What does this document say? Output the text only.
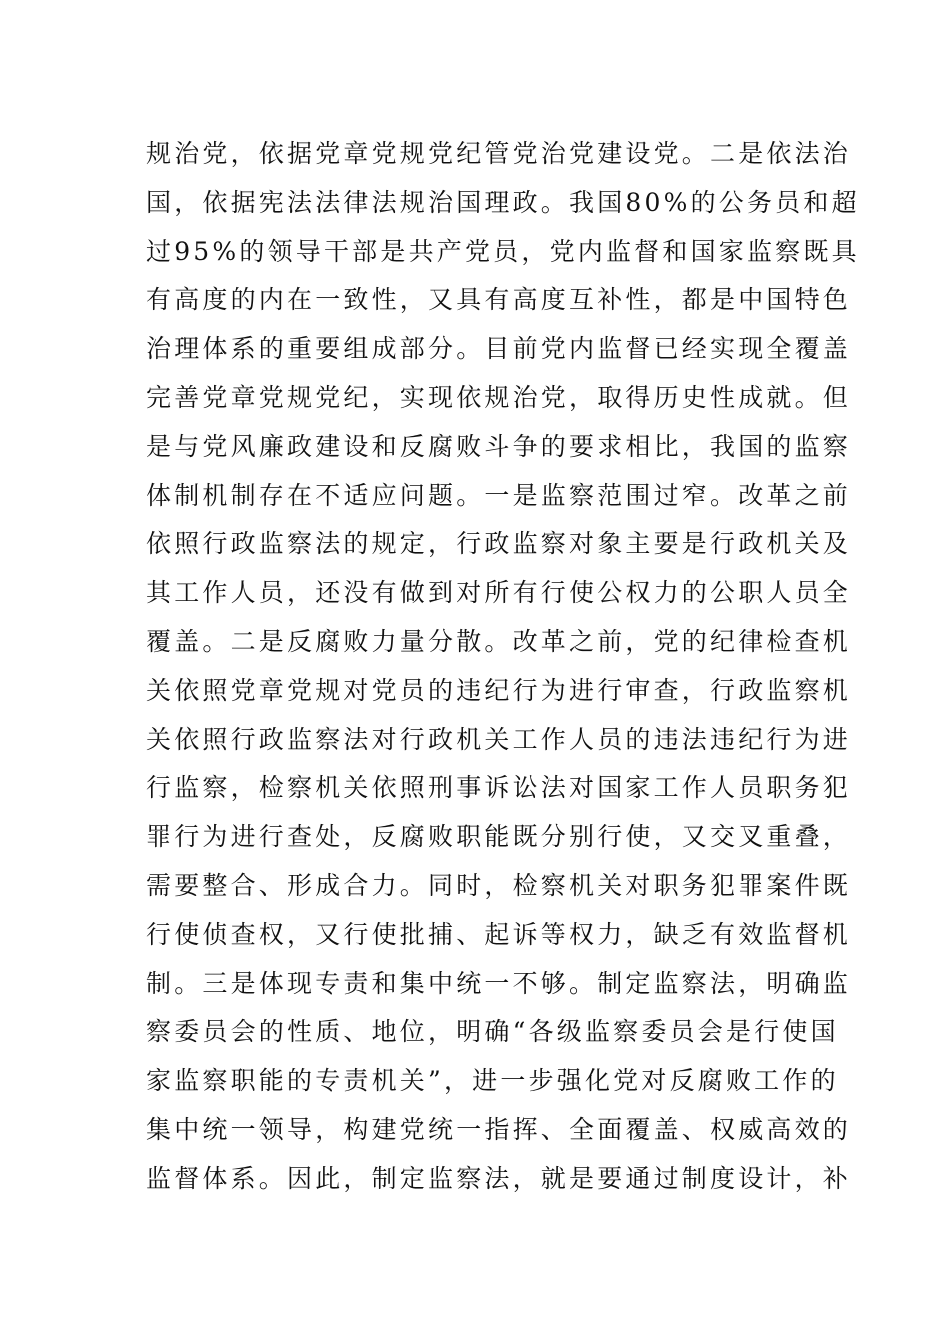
规治党，依据党章党规党纪管党治党建设党。二是依法治
国，依据宪法法律法规治国理政。我国80%的公务员和超
过95%的领导干部是共产党员，党内监督和国家监察既具
有高度的内在一致性，又具有高度互补性，都是中国特色
治理体系的重要组成部分。目前党内监督已经实现全覆盖
完善党章党规党纪，实现依规治党，取得历史性成就。但
是与党风廉政建设和反腐败斗争的要求相比，我国的监察
体制机制存在不适应问题。一是监察范围过窄。改革之前
依照行政监察法的规定，行政监察对象主要是行政机关及
其工作人员，还没有做到对所有行使公权力的公职人员全
覆盖。二是反腐败力量分散。改革之前，党的纪律检查机
关依照党章党规对党员的违纪行为进行审查，行政监察机
关依照行政监察法对行政机关工作人员的违法违纪行为进
行监察，检察机关依照刑事诉讼法对国家工作人员职务犯
罪行为进行查处，反腐败职能既分别行使，又交叉重叠，
需要整合、形成合力。同时，检察机关对职务犯罪案件既
行使侦查权，又行使批捕、起诉等权力，缺乏有效监督机
制。三是体现专责和集中统一不够。制定监察法，明确监
察委员会的性质、地位，明确“各级监察委员会是行使国
家监察职能的专责机关”，进一步强化党对反腐败工作的
集中统一领导，构建党统一指挥、全面覆盖、权威高效的
监督体系。因此，制定监察法，就是要通过制度设计，补
